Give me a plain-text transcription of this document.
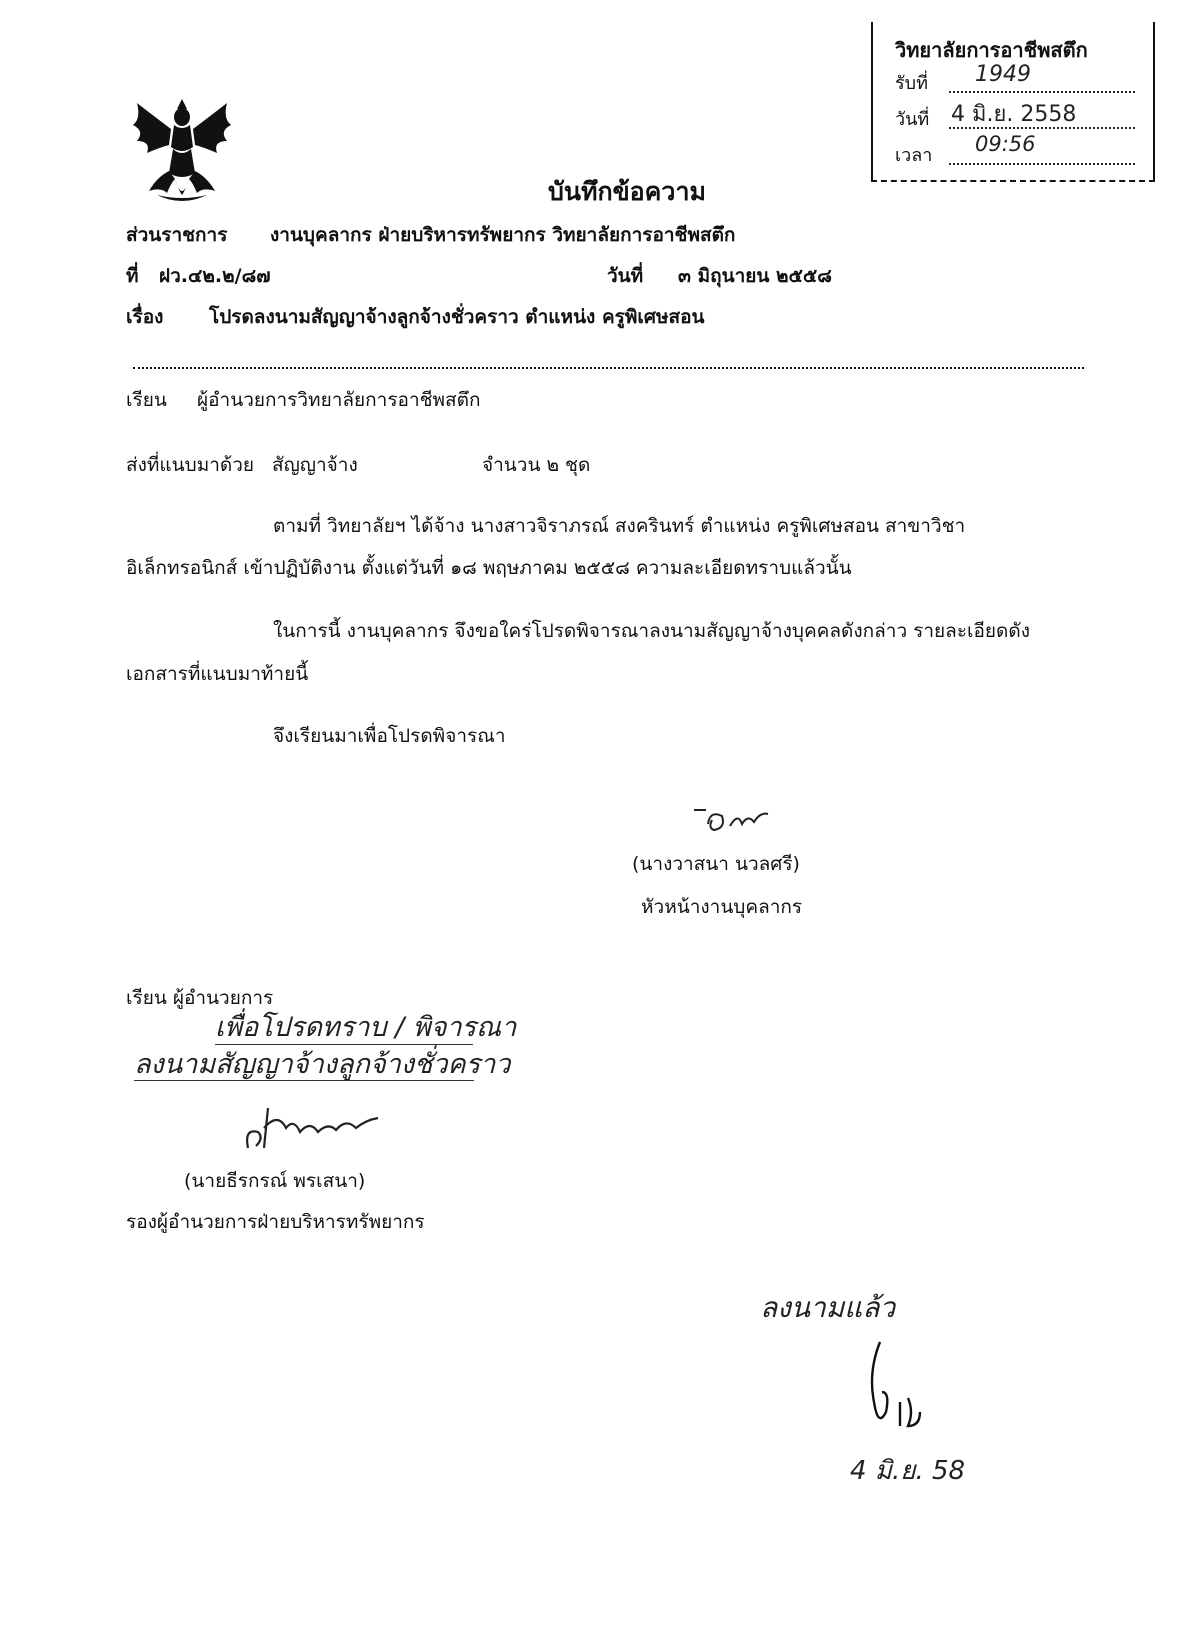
วิทยาลัยการอาชีพสตึก
รับที่ 1949
วันที่ 4 มิ.ย. 2558
เวลา 09:56
บันทึกข้อความ
ส่วนราชการ งานบุคลากร ฝ่ายบริหารทรัพยากร วิทยาลัยการอาชีพสตึก
ที่ ฝว.๔๒.๒/๘๗	วันที่ ๓ มิถุนายน ๒๕๕๘
เรื่อง โปรดลงนามสัญญาจ้างลูกจ้างชั่วคราว ตำแหน่ง ครูพิเศษสอน
เรียน ผู้อำนวยการวิทยาลัยการอาชีพสตึก
ส่งที่แนบมาด้วย สัญญาจ้าง	จำนวน ๒ ชุด
ตามที่ วิทยาลัยฯ ได้จ้าง นางสาวจิราภรณ์ สงครินทร์ ตำแหน่ง ครูพิเศษสอน สาขาวิชา
อิเล็กทรอนิกส์ เข้าปฏิบัติงาน ตั้งแต่วันที่ ๑๘ พฤษภาคม ๒๕๕๘ ความละเอียดทราบแล้วนั้น
ในการนี้ งานบุคลากร จึงขอใคร่โปรดพิจารณาลงนามสัญญาจ้างบุคคลดังกล่าว รายละเอียดดัง
เอกสารที่แนบมาท้ายนี้
จึงเรียนมาเพื่อโปรดพิจารณา
(นางวาสนา นวลศรี)
หัวหน้างานบุคลากร
เรียน ผู้อำนวยการ
เพื่อโปรดทราบ / พิจารณา
ลงนามสัญญาจ้างลูกจ้างชั่วคราว
(นายธีรกรณ์ พรเสนา)
รองผู้อำนวยการฝ่ายบริหารทรัพยากร
ลงนามแล้ว
4 มิ.ย. 58
